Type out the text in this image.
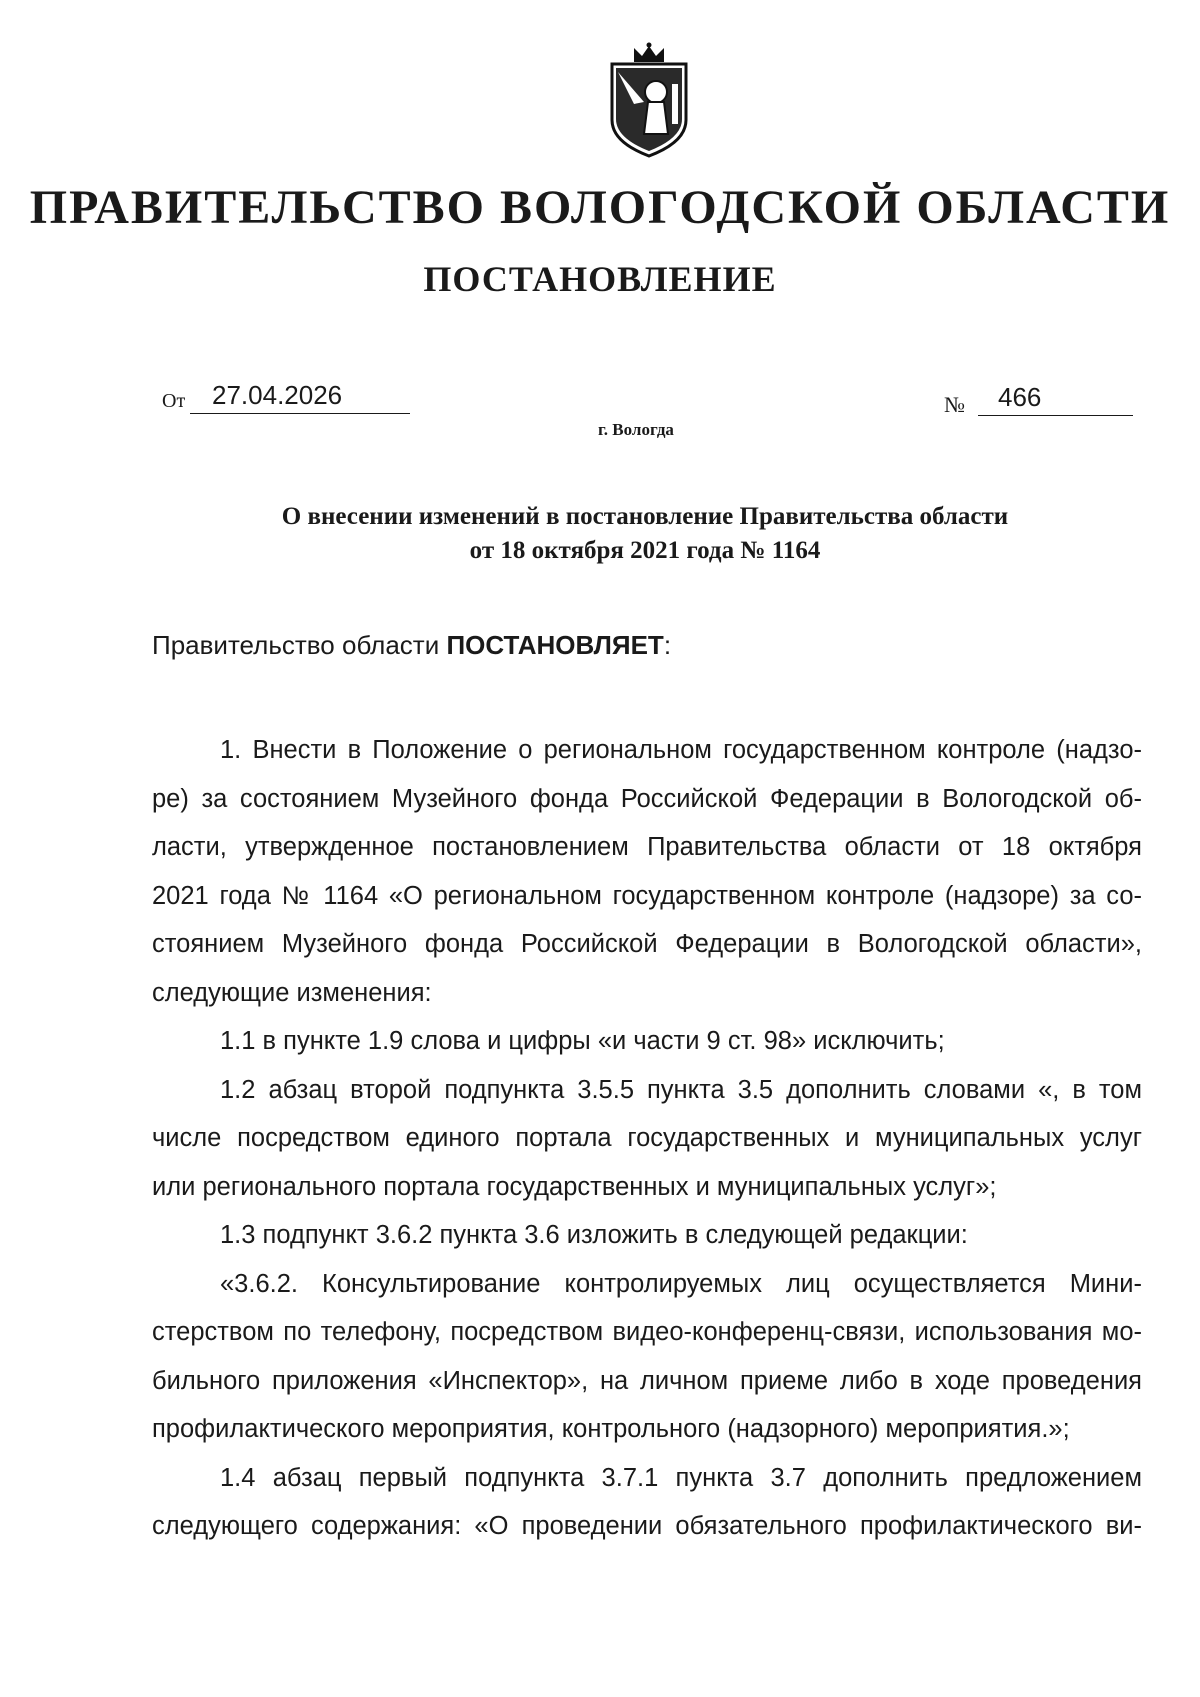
ПРАВИТЕЛЬСТВО ВОЛОГОДСКОЙ ОБЛАСТИ
ПОСТАНОВЛЕНИЕ
От	27.04.2026	№	466
г. Вологда
О внесении изменений в постановление Правительства области
от 18 октября 2021 года № 1164
Правительство области ПОСТАНОВЛЯЕТ:
1. Внести в Положение о региональном государственном контроле (надзо-
ре) за состоянием Музейного фонда Российской Федерации в Вологодской об-
ласти, утвержденное постановлением Правительства области от 18 октября
2021 года № 1164 «О региональном государственном контроле (надзоре) за со-
стоянием Музейного фонда Российской Федерации в Вологодской области»,
следующие изменения:
1.1 в пункте 1.9 слова и цифры «и части 9 ст. 98» исключить;
1.2 абзац второй подпункта 3.5.5 пункта 3.5 дополнить словами «, в том
числе посредством единого портала государственных и муниципальных услуг
или регионального портала государственных и муниципальных услуг»;
1.3 подпункт 3.6.2 пункта 3.6 изложить в следующей редакции:
«3.6.2. Консультирование контролируемых лиц осуществляется Мини-
стерством по телефону, посредством видео-конференц-связи, использования мо-
бильного приложения «Инспектор», на личном приеме либо в ходе проведения
профилактического мероприятия, контрольного (надзорного) мероприятия.»;
1.4 абзац первый подпункта 3.7.1 пункта 3.7 дополнить предложением
следующего содержания: «О проведении обязательного профилактического ви-
